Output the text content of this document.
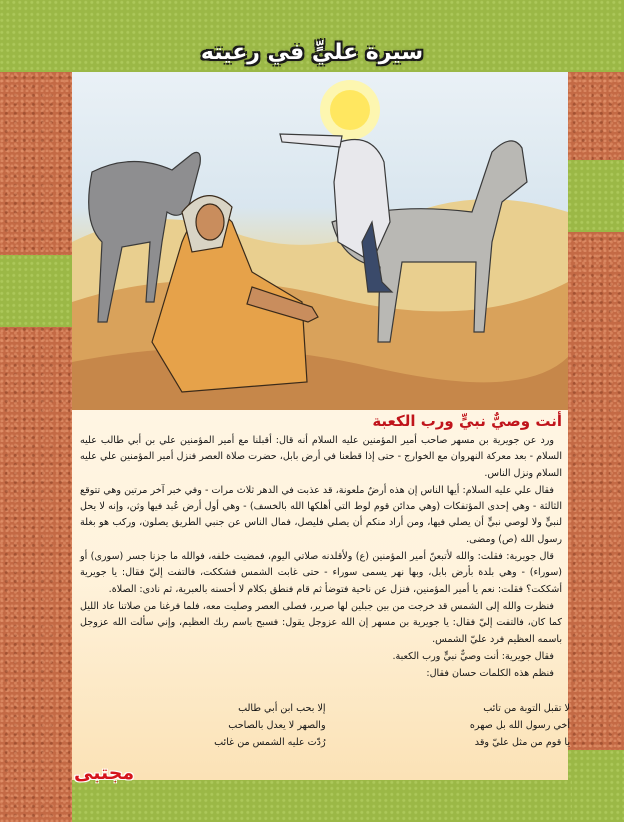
سيرة عليٍّ في رعيته
أنت وصيٌّ نبيٍّ ورب الكعبة

ورد عن جويرية بن مسهر صاحب أمير المؤمنين عليه السلام أنه قال: أقبلنا مع أمير المؤمنين علي بن أبي طالب عليه السلام - بعد معركة النهروان مع الخوارج - حتى إذا قطعنا في أرض بابل، حضرت صلاة العصر فنزل أمير المؤمنين علي عليه السلام ونزل الناس.

فقال علي عليه السلام: أيها الناس إن هذه أرضٌ ملعونة، قد عذبت في الدهر ثلاث مرات - وفي خبر آخر مرتين وهي تتوقع الثالثة - وهي إحدى المؤتفكات (وهي مدائن قوم لوط التي أهلكها الله بالخسف) - وهي أول أرض عُبد فيها وثن، وإنه لا يحل لنبيٍّ ولا لوصي نبيٍّ أن يصلي فيها، ومن أراد منكم أن يصلي فليصل، فمال الناس عن جنبي الطريق يصلون، وركب هو بغلة رسول الله (ص) ومضى.

قال جويرية: فقلت: والله لأتبعنّ أمير المؤمنين (ع) ولأقلدنه صلاتي اليوم، فمضيت خلفه، فوالله ما جزنا جسر (سورى) أو (سوراء) - وهي بلدة بأرض بابل، وبها نهر يسمى سوراء - حتى غابت الشمس فشككت، فالتفت إليّ فقال: يا جويرية أشككت؟ فقلت: نعم يا أمير المؤمنين، فنزل عن ناحية فتوضأ ثم قام فنطق بكلام لا أحسنه بالعبرية، ثم نادى: الصلاة.

فنظرت والله إلى الشمس قد خرجت من بين جبلين لها صرير، فصلى العصر وصليت معه، فلما فرغنا من صلاتنا عاد الليل كما كان، فالتفت إليّ فقال: يا جويرية بن مسهر إن الله عزوجل يقول: فسبح باسم ربك العظيم، وإني سألت الله عزوجل باسمه العظيم فرد عليّ الشمس.

فقال جويرية: أنت وصيٌّ نبيٍّ ورب الكعبة.

فنظم هذه الكلمات حسان فقال:

لا تقبل التوبة من تائب
إلا بحب ابن أبي طالب
أخي رسول الله بل صهره
والصهر لا يعدل بالصاحب
يا قوم من مثل عليّ وقد
رُدّت عليه الشمس من غائب
مجتبى
